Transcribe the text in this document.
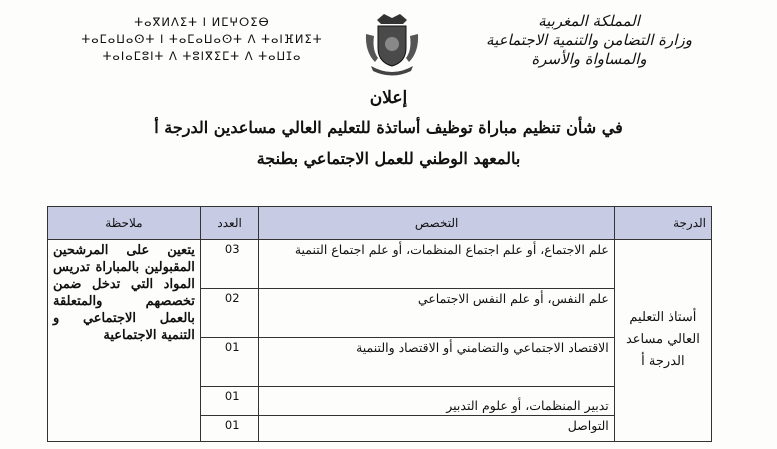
ⵜⴰⴳⵍⴷⵉⵜ ⵏ ⵍⵎⵖⵔⵉⴱ
ⵜⴰⵎⴰⵡⴰⵙⵜ ⵏ ⵜⴰⵎⴰⵡⴰⵙⵜ ⴷ ⵜⴰⵏⴼⵍⵉⵜ
ⵜⴰⵏⴰⵎⵓⵏⵜ ⴷ ⵜⵓⵏⴳⵉⵎⵜ ⴷ ⵜⴰⵡⵊⴰ
المملكة المغربية
وزارة التضامن والتنمية الاجتماعية
والمساواة والأسرة
إعلان
في شأن تنظيم مباراة توظيف أساتذة للتعليم العالي مساعدين الدرجة أ
بالمعهد الوطني للعمل الاجتماعي بطنجة
الدرجة	التخصص	العدد	ملاحظة
أستاذ التعليم العالي مساعد الدرجة أ	علم الاجتماع، أو علم اجتماع المنظمات، أو علم اجتماع التنمية	03	يتعين على المرشحين المقبولين بالمباراة تدريس المواد التي تدخل ضمن تخصصهم والمتعلقة بالعمل الاجتماعي و التنمية الاجتماعية
	علم النفس، أو علم النفس الاجتماعي	02	
	الاقتصاد الاجتماعي والتضامني أو الاقتصاد والتنمية	01	
	تدبير المنظمات، أو علوم التدبير	01	
	التواصل	01	
